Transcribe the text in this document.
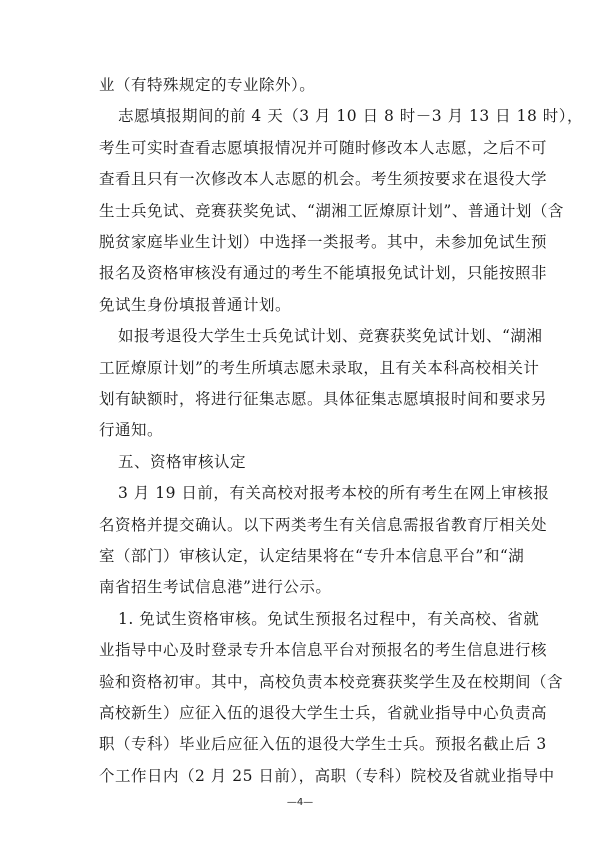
业（有特殊规定的专业除外）。
志愿填报期间的前 4 天（3 月 10 日 8 时－3 月 13 日 18 时），
考生可实时查看志愿填报情况并可随时修改本人志愿，之后不可
查看且只有一次修改本人志愿的机会。考生须按要求在退役大学
生士兵免试、竞赛获奖免试、“湖湘工匠燎原计划”、普通计划（含
脱贫家庭毕业生计划）中选择一类报考。其中，未参加免试生预
报名及资格审核没有通过的考生不能填报免试计划，只能按照非
免试生身份填报普通计划。
如报考退役大学生士兵免试计划、竞赛获奖免试计划、“湖湘
工匠燎原计划”的考生所填志愿未录取，且有关本科高校相关计
划有缺额时，将进行征集志愿。具体征集志愿填报时间和要求另
行通知。
五、资格审核认定
3 月 19 日前，有关高校对报考本校的所有考生在网上审核报
名资格并提交确认。以下两类考生有关信息需报省教育厅相关处
室（部门）审核认定，认定结果将在“专升本信息平台”和“湖
南省招生考试信息港”进行公示。
1. 免试生资格审核。免试生预报名过程中，有关高校、省就
业指导中心及时登录专升本信息平台对预报名的考生信息进行核
验和资格初审。其中，高校负责本校竞赛获奖学生及在校期间（含
高校新生）应征入伍的退役大学生士兵，省就业指导中心负责高
职（专科）毕业后应征入伍的退役大学生士兵。预报名截止后 3
个工作日内（2 月 25 日前），高职（专科）院校及省就业指导中
—4—
